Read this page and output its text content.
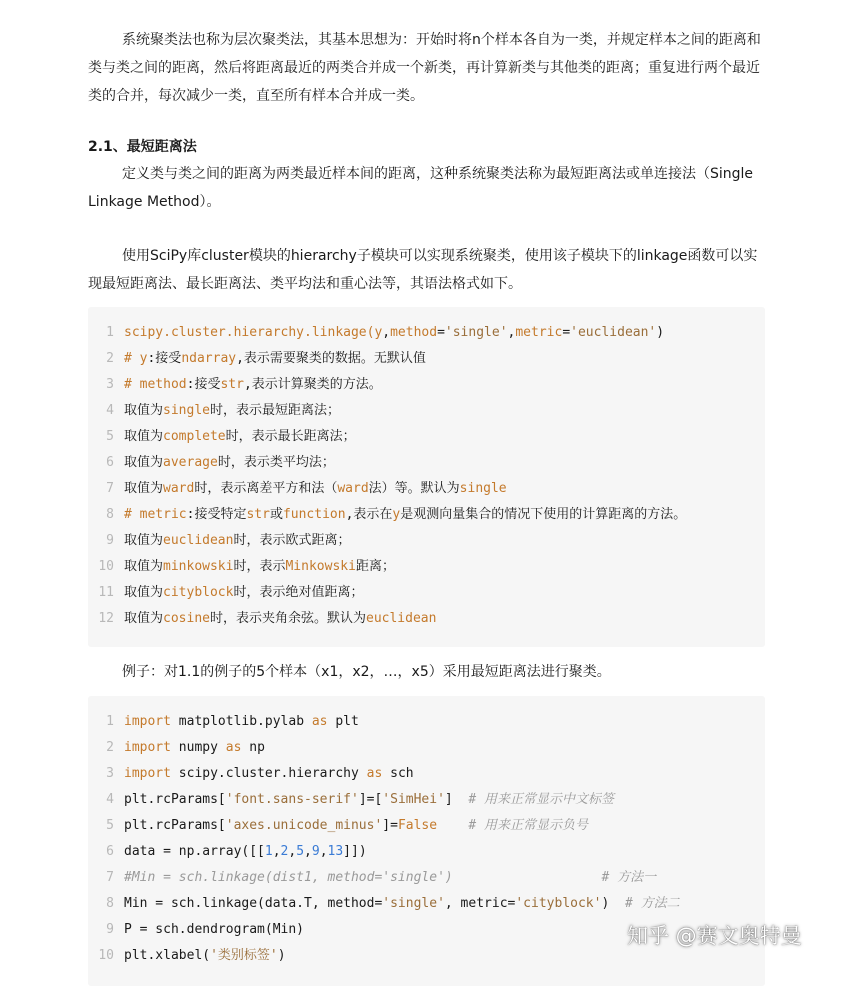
系统聚类法也称为层次聚类法，其基本思想为：开始时将n个样本各自为一类，并规定样本之间的距离和类与类之间的距离，然后将距离最近的两类合并成一个新类，再计算新类与其他类的距离；重复进行两个最近类的合并，每次减少一类，直至所有样本合并成一类。

2.1、最短距离法

定义类与类之间的距离为两类最近样本间的距离，这种系统聚类法称为最短距离法或单连接法（Single Linkage Method）。

使用SciPy库cluster模块的hierarchy子模块可以实现系统聚类，使用该子模块下的linkage函数可以实现最短距离法、最长距离法、类平均法和重心法等，其语法格式如下。

1 scipy.cluster.hierarchy.linkage(y,method='single',metric='euclidean')
2 # y:接受ndarray,表示需要聚类的数据。无默认值
3 # method:接受str,表示计算聚类的方法。
4 取值为single时，表示最短距离法；
5 取值为complete时，表示最长距离法；
6 取值为average时，表示类平均法；
7 取值为ward时，表示离差平方和法（ward法）等。默认为single
8 # metric:接受特定str或function,表示在y是观测向量集合的情况下使用的计算距离的方法。
9 取值为euclidean时，表示欧式距离；
10 取值为minkowski时，表示Minkowski距离；
11 取值为cityblock时，表示绝对值距离；
12 取值为cosine时，表示夹角余弦。默认为euclidean

例子：对1.1的例子的5个样本（x1，x2，…，x5）采用最短距离法进行聚类。

1 import matplotlib.pylab as plt
2 import numpy as np
3 import scipy.cluster.hierarchy as sch
4 plt.rcParams['font.sans-serif']=['SimHei']  # 用来正常显示中文标签
5 plt.rcParams['axes.unicode_minus']=False # 用来正常显示负号
6 data = np.array([[1,2,5,9,13]])
7 #Min = sch.linkage(dist1, method='single')                   # 方法一
8 Min = sch.linkage(data.T, method='single', metric='cityblock')  # 方法二
9 P = sch.dendrogram(Min)
10 plt.xlabel('类别标签')
知乎 @赛文奥特曼
